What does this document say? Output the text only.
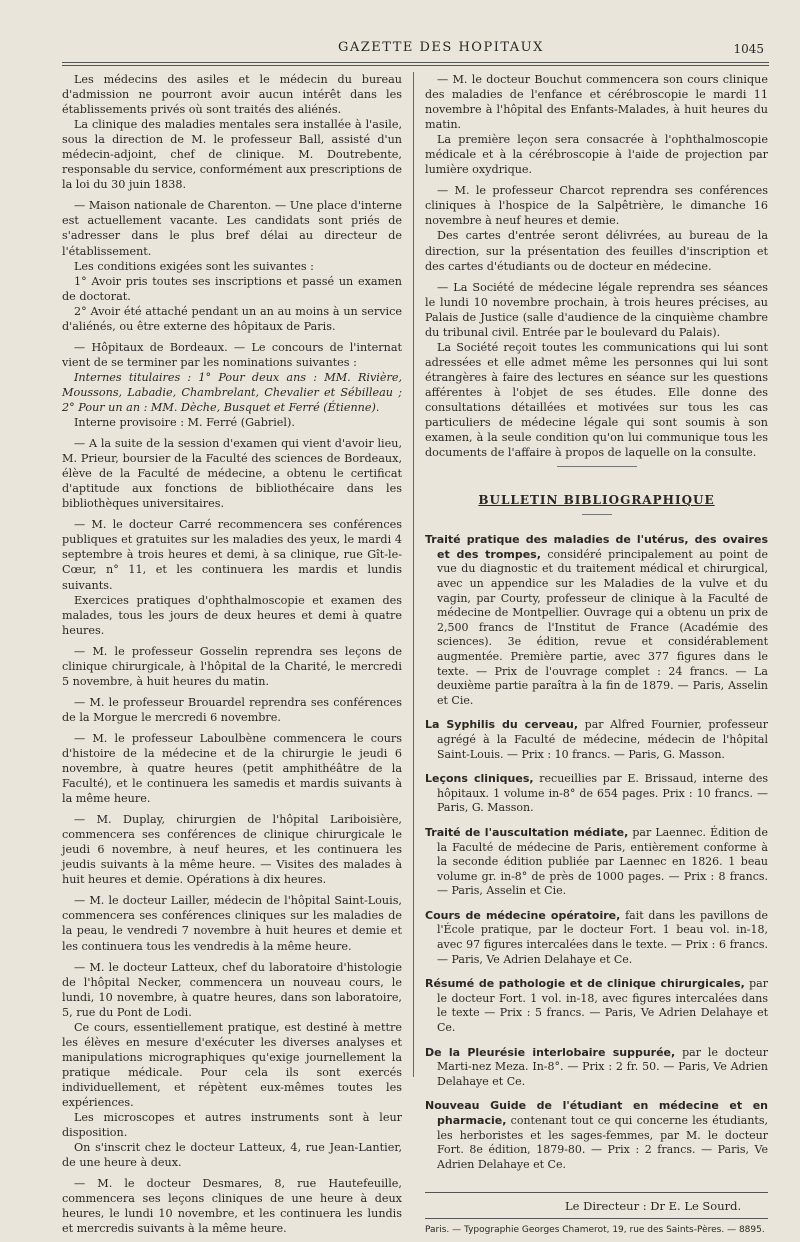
GAZETTE DES HOPITAUX	1045

Les médecins des asiles et le médecin du bureau d'admission ne pourront avoir aucun intérêt dans les établissements privés où sont traités des aliénés.

La clinique des maladies mentales sera installée à l'asile, sous la direction de M. le professeur Ball, assisté d'un médecin-adjoint, chef de clinique. M. Doutrebente, responsable du service, conformément aux prescriptions de la loi du 30 juin 1838.

— Maison nationale de Charenton. — Une place d'interne est actuellement vacante. Les candidats sont priés de s'adresser dans le plus bref délai au directeur de l'établissement.

Les conditions exigées sont les suivantes :

1° Avoir pris toutes ses inscriptions et passé un examen de doctorat.

2° Avoir été attaché pendant un an au moins à un service d'aliénés, ou être externe des hôpitaux de Paris.

— Hôpitaux de Bordeaux. — Le concours de l'internat vient de se terminer par les nominations suivantes :

Internes titulaires : 1° Pour deux ans : MM. Rivière, Moussons, Labadie, Chambrelant, Chevalier et Sébilleau ; 2° Pour un an : MM. Dèche, Busquet et Ferré (Étienne).

Interne provisoire : M. Ferré (Gabriel).

— A la suite de la session d'examen qui vient d'avoir lieu, M. Prieur, boursier de la Faculté des sciences de Bordeaux, élève de la Faculté de médecine, a obtenu le certificat d'aptitude aux fonctions de bibliothécaire dans les bibliothèques universitaires.

— M. le docteur Carré recommencera ses conférences publiques et gratuites sur les maladies des yeux, le mardi 4 septembre à trois heures et demi, à sa clinique, rue Gît-le-Cœur, n° 11, et les continuera les mardis et lundis suivants.

Exercices pratiques d'ophthalmoscopie et examen des malades, tous les jours de deux heures et demi à quatre heures.

— M. le professeur Gosselin reprendra ses leçons de clinique chirurgicale, à l'hôpital de la Charité, le mercredi 5 novembre, à huit heures du matin.

— M. le professeur Brouardel reprendra ses conférences de la Morgue le mercredi 6 novembre.

— M. le professeur Laboulbène commencera le cours d'histoire de la médecine et de la chirurgie le jeudi 6 novembre, à quatre heures (petit amphithéâtre de la Faculté), et le continuera les samedis et mardis suivants à la même heure.

— M. Duplay, chirurgien de l'hôpital Lariboisière, commencera ses conférences de clinique chirurgicale le jeudi 6 novembre, à neuf heures, et les continuera les jeudis suivants à la même heure. — Visites des malades à huit heures et demie. Opérations à dix heures.

— M. le docteur Lailler, médecin de l'hôpital Saint-Louis, commencera ses conférences cliniques sur les maladies de la peau, le vendredi 7 novembre à huit heures et demie et les continuera tous les vendredis à la même heure.

— M. le docteur Latteux, chef du laboratoire d'histologie de l'hôpital Necker, commencera un nouveau cours, le lundi, 10 novembre, à quatre heures, dans son laboratoire, 5, rue du Pont de Lodi.

Ce cours, essentiellement pratique, est destiné à mettre les élèves en mesure d'exécuter les diverses analyses et manipulations micrographiques qu'exige journellement la pratique médicale. Pour cela ils sont exercés individuellement, et répètent eux-mêmes toutes les expériences.

Les microscopes et autres instruments sont à leur disposition.

On s'inscrit chez le docteur Latteux, 4, rue Jean-Lantier, de une heure à deux.

— M. le docteur Desmares, 8, rue Hautefeuille, commencera ses leçons cliniques de une heure à deux heures, le lundi 10 novembre, et les continuera les lundis et mercredis suivants à la même heure.

— M. le docteur Bouchut commencera son cours clinique des maladies de l'enfance et cérébroscopie le mardi 11 novembre à l'hôpital des Enfants-Malades, à huit heures du matin.

La première leçon sera consacrée à l'ophthalmoscopie médicale et à la cérébroscopie à l'aide de projection par lumière oxydrique.

— M. le professeur Charcot reprendra ses conférences cliniques à l'hospice de la Salpêtrière, le dimanche 16 novembre à neuf heures et demie.

Des cartes d'entrée seront délivrées, au bureau de la direction, sur la présentation des feuilles d'inscription et des cartes d'étudiants ou de docteur en médecine.

— La Société de médecine légale reprendra ses séances le lundi 10 novembre prochain, à trois heures précises, au Palais de Justice (salle d'audience de la cinquième chambre du tribunal civil. Entrée par le boulevard du Palais).

La Société reçoit toutes les communications qui lui sont adressées et elle admet même les personnes qui lui sont étrangères à faire des lectures en séance sur les questions afférentes à l'objet de ses études. Elle donne des consultations détaillées et motivées sur tous les cas particuliers de médecine légale qui sont soumis à son examen, à la seule condition qu'on lui communique tous les documents de l'affaire à propos de laquelle on la consulte.

BULLETIN BIBLIOGRAPHIQUE
Traité pratique des maladies de l'utérus, des ovaires et des trompes, considéré principalement au point de vue du diagnostic et du traitement médical et chirurgical, avec un appendice sur les Maladies de la vulve et du vagin, par Courty, professeur de clinique à la Faculté de médecine de Montpellier. Ouvrage qui a obtenu un prix de 2,500 francs de l'Institut de France (Académie des sciences). 3e édition, revue et considérablement augmentée. Première partie, avec 377 figures dans le texte. — Prix de l'ouvrage complet : 24 francs. — La deuxième partie paraîtra à la fin de 1879. — Paris, Asselin et Cie.
La Syphilis du cerveau, par Alfred Fournier, professeur agrégé à la Faculté de médecine, médecin de l'hôpital Saint-Louis. — Prix : 10 francs. — Paris, G. Masson.
Leçons cliniques, recueillies par E. Brissaud, interne des hôpitaux. 1 volume in-8° de 654 pages. Prix : 10 francs. — Paris, G. Masson.
Traité de l'auscultation médiate, par Laennec. Édition de la Faculté de médecine de Paris, entièrement conforme à la seconde édition publiée par Laennec en 1826. 1 beau volume gr. in-8° de près de 1000 pages. — Prix : 8 francs. — Paris, Asselin et Cie.
Cours de médecine opératoire, fait dans les pavillons de l'École pratique, par le docteur Fort. 1 beau vol. in-18, avec 97 figures intercalées dans le texte. — Prix : 6 francs. — Paris, Ve Adrien Delahaye et Ce.
Résumé de pathologie et de clinique chirurgicales, par le docteur Fort. 1 vol. in-18, avec figures intercalées dans le texte — Prix : 5 francs. — Paris, Ve Adrien Delahaye et Ce.
De la Pleurésie interlobaire suppurée, par le docteur Marti-nez Meza. In-8°. — Prix : 2 fr. 50. — Paris, Ve Adrien Delahaye et Ce.
Nouveau Guide de l'étudiant en médecine et en pharmacie, contenant tout ce qui concerne les étudiants, les herboristes et les sages-femmes, par M. le docteur Fort. 8e édition, 1879-80. — Prix : 2 francs. — Paris, Ve Adrien Delahaye et Ce.
Le Directeur : Dr E. Le Sourd.
Paris. — Typographie Georges Chamerot, 19, rue des Saints-Pères. — 8895.
